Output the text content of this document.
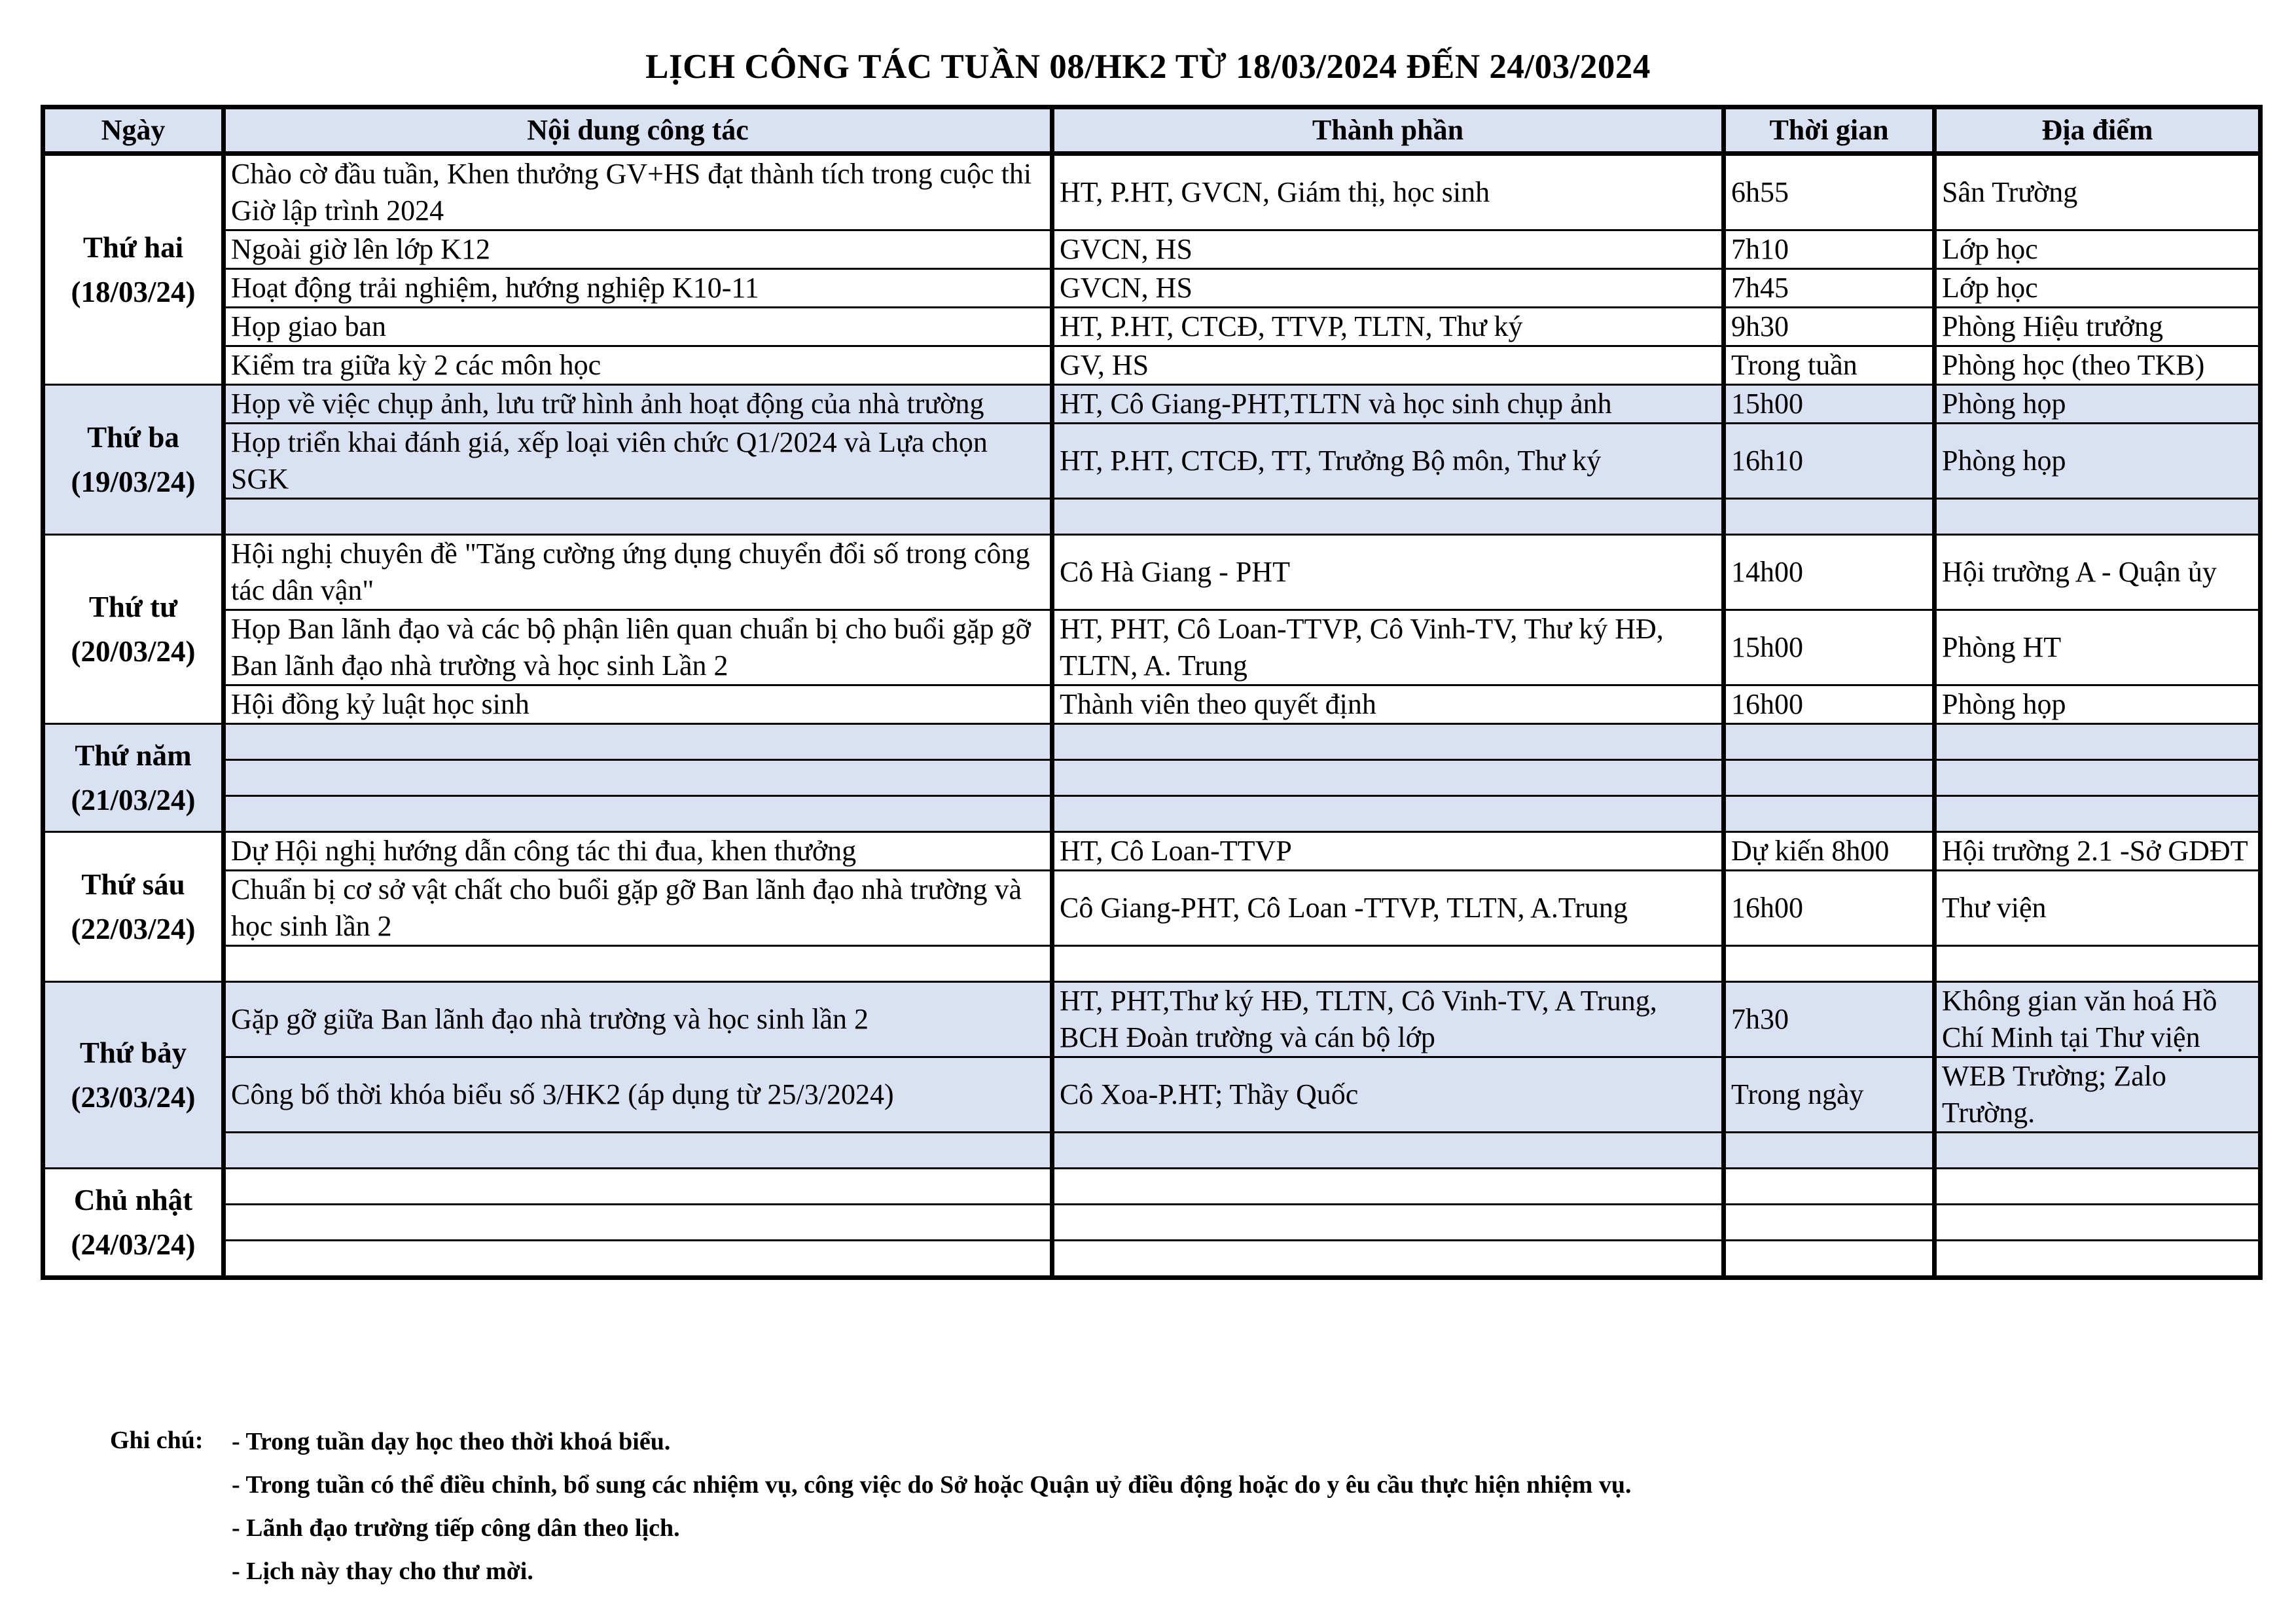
LỊCH CÔNG TÁC TUẦN 08/HK2 TỪ 18/03/2024 ĐẾN 24/03/2024
Ngày	Nội dung công tác	Thành phần	Thời gian	Địa điểm

Thứ hai
(18/03/24)	Chào cờ đầu tuần, Khen thưởng GV+HS đạt thành tích trong cuộc thi Giờ lập trình 2024	HT, P.HT, GVCN, Giám thị, học sinh	6h55	Sân Trường
	Ngoài giờ lên lớp K12	GVCN, HS	7h10	Lớp học
	Hoạt động trải nghiệm, hướng nghiệp K10-11	GVCN, HS	7h45	Lớp học
	Họp giao ban	HT, P.HT, CTCĐ, TTVP, TLTN, Thư ký	9h30	Phòng Hiệu trưởng
	Kiểm tra giữa kỳ 2 các môn học	GV, HS	Trong tuần	Phòng học (theo TKB)

Thứ ba
(19/03/24)	Họp về việc chụp ảnh, lưu trữ hình ảnh hoạt động của nhà trường	HT, Cô Giang-PHT,TLTN và học sinh chụp ảnh	15h00	Phòng họp
	Họp triển khai đánh giá, xếp loại viên chức Q1/2024 và Lựa chọn SGK	HT, P.HT, CTCĐ, TT, Trưởng Bộ môn, Thư ký	16h10	Phòng họp

Thứ tư
(20/03/24)	Hội nghị chuyên đề "Tăng cường ứng dụng chuyển đổi số trong công tác dân vận"	Cô Hà Giang - PHT	14h00	Hội trường A - Quận ủy
	Họp Ban lãnh đạo và các bộ phận liên quan chuẩn bị cho buổi gặp gỡ Ban lãnh đạo nhà trường và học sinh Lần 2	HT, PHT, Cô Loan-TTVP, Cô Vinh-TV, Thư ký HĐ, TLTN, A. Trung	15h00	Phòng HT
	Hội đồng kỷ luật học sinh	Thành viên theo quyết định	16h00	Phòng họp

Thứ năm
(21/03/24)				

Thứ sáu
(22/03/24)	Dự Hội nghị hướng dẫn công tác thi đua, khen thưởng	HT, Cô Loan-TTVP	Dự kiến 8h00	Hội trường 2.1 -Sở GDĐT
	Chuẩn bị cơ sở vật chất cho buổi gặp gỡ Ban lãnh đạo nhà trường và học sinh lần 2	Cô Giang-PHT, Cô Loan -TTVP, TLTN, A.Trung	16h00	Thư viện

Thứ bảy
(23/03/24)	Gặp gỡ giữa Ban lãnh đạo nhà trường và học sinh lần 2	HT, PHT,Thư ký HĐ, TLTN, Cô Vinh-TV, A Trung, BCH Đoàn trường và cán bộ lớp	7h30	Không gian văn hoá Hồ Chí Minh tại Thư viện
	Công bố thời khóa biểu số 3/HK2 (áp dụng từ 25/3/2024)	Cô Xoa-P.HT; Thầy Quốc	Trong ngày	WEB Trường; Zalo Trường.

Chủ nhật
(24/03/24)				

Ghi chú:	- Trong tuần dạy học theo thời khoá biểu.
- Trong tuần có thể điều chỉnh, bổ sung các nhiệm vụ, công việc do Sở hoặc Quận uỷ điều động hoặc do y êu cầu thực hiện nhiệm vụ.
- Lãnh đạo trường tiếp công dân theo lịch.
- Lịch này thay cho thư mời.
